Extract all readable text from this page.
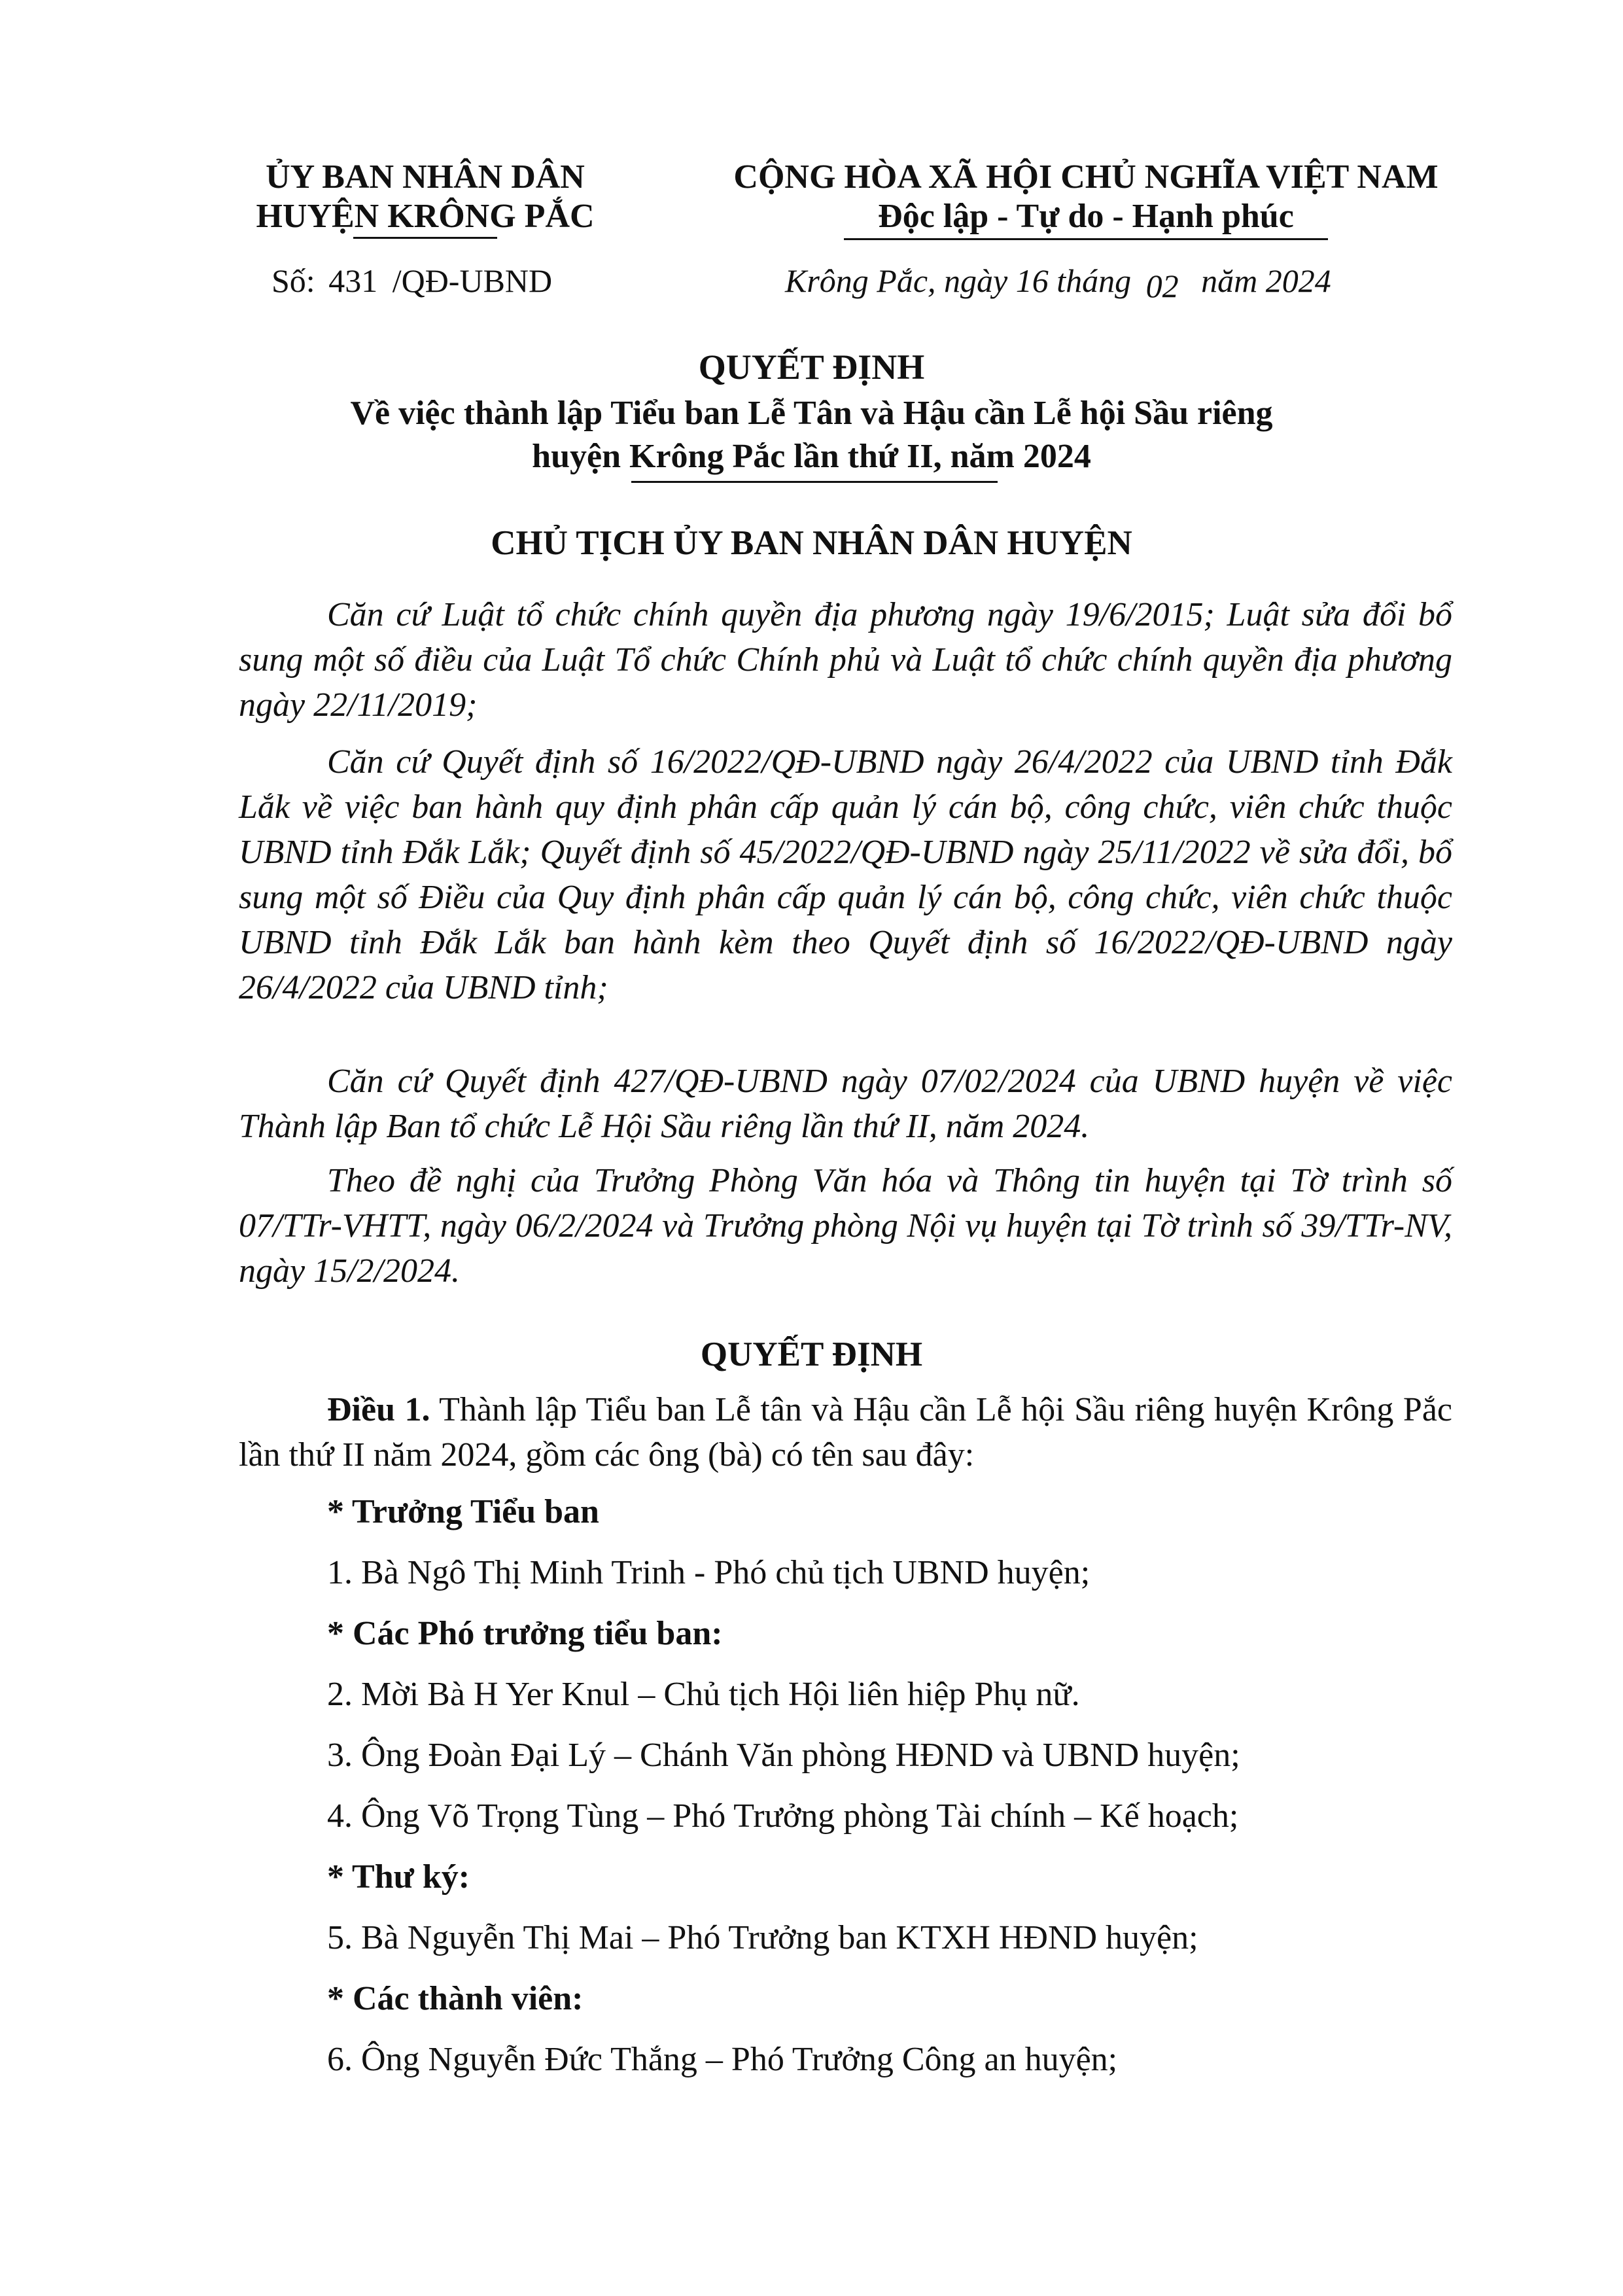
ỦY BAN NHÂN DÂN
HUYỆN KRÔNG PẮC
Số: 431 /QĐ-UBND
CỘNG HÒA XÃ HỘI CHỦ NGHĨA VIỆT NAM
Độc lập - Tự do - Hạnh phúc
Krông Pắc, ngày 16 tháng 02 năm 2024
QUYẾT ĐỊNH
Về việc thành lập Tiểu ban Lễ Tân và Hậu cần Lễ hội Sầu riêng
huyện Krông Pắc lần thứ II, năm 2024
CHỦ TỊCH ỦY BAN NHÂN DÂN HUYỆN
Căn cứ Luật tổ chức chính quyền địa phương ngày 19/6/2015; Luật sửa đổi bổ sung một số điều của Luật Tổ chức Chính phủ và Luật tổ chức chính quyền địa phương ngày 22/11/2019;
Căn cứ Quyết định số 16/2022/QĐ-UBND ngày 26/4/2022 của UBND tỉnh Đắk Lắk về việc ban hành quy định phân cấp quản lý cán bộ, công chức, viên chức thuộc UBND tỉnh Đắk Lắk; Quyết định số 45/2022/QĐ-UBND ngày 25/11/2022 về sửa đổi, bổ sung một số Điều của Quy định phân cấp quản lý cán bộ, công chức, viên chức thuộc UBND tỉnh Đắk Lắk ban hành kèm theo Quyết định số 16/2022/QĐ-UBND ngày 26/4/2022 của UBND tỉnh;
Căn cứ Quyết định 427/QĐ-UBND ngày 07/02/2024 của UBND huyện về việc Thành lập Ban tổ chức Lễ Hội Sầu riêng lần thứ II, năm 2024.
Theo đề nghị của Trưởng Phòng Văn hóa và Thông tin huyện tại Tờ trình số 07/TTr-VHTT, ngày 06/2/2024 và Trưởng phòng Nội vụ huyện tại Tờ trình số 39/TTr-NV, ngày 15/2/2024.
QUYẾT ĐỊNH
Điều 1. Thành lập Tiểu ban Lễ tân và Hậu cần Lễ hội Sầu riêng huyện Krông Pắc lần thứ II năm 2024, gồm các ông (bà) có tên sau đây:
* Trưởng Tiểu ban
1. Bà Ngô Thị Minh Trinh - Phó chủ tịch UBND huyện;
* Các Phó trưởng tiểu ban:
2. Mời Bà H Yer Knul – Chủ tịch Hội liên hiệp Phụ nữ.
3. Ông Đoàn Đại Lý – Chánh Văn phòng HĐND và UBND huyện;
4. Ông Võ Trọng Tùng – Phó Trưởng phòng Tài chính – Kế hoạch;
* Thư ký:
5. Bà Nguyễn Thị Mai – Phó Trưởng ban KTXH HĐND huyện;
* Các thành viên:
6. Ông Nguyễn Đức Thắng – Phó Trưởng Công an huyện;
